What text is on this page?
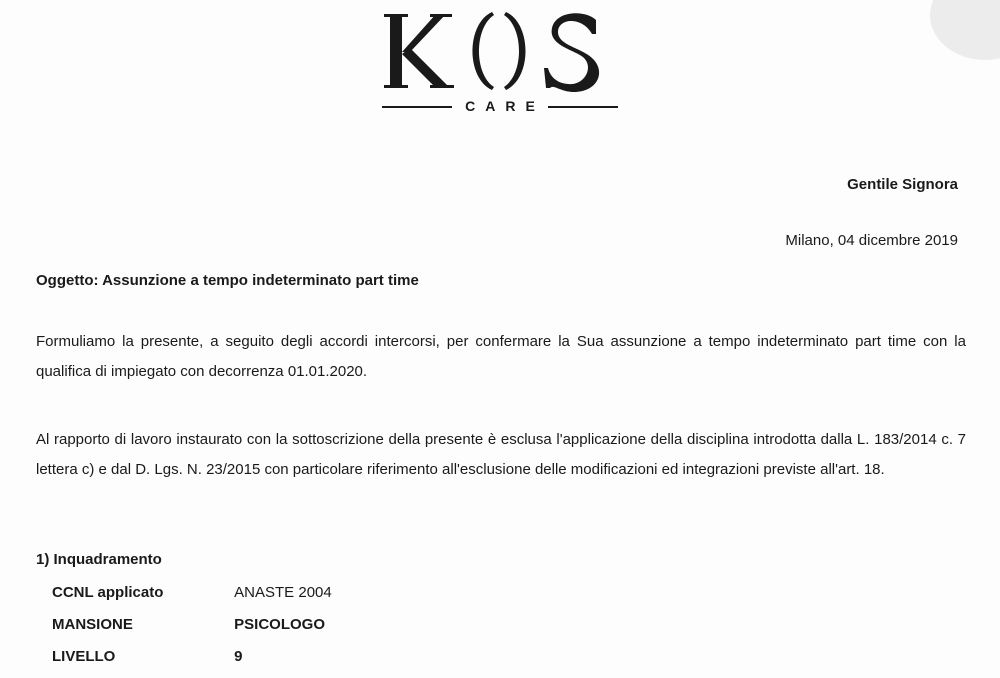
CARE
Gentile Signora
Milano, 04 dicembre 2019
Oggetto: Assunzione a tempo indeterminato part time
Formuliamo la presente, a seguito degli accordi intercorsi, per confermare la Sua assunzione a tempo indeterminato part time con la qualifica di impiegato con decorrenza 01.01.2020.
Al rapporto di lavoro instaurato con la sottoscrizione della presente è esclusa l'applicazione della disciplina introdotta dalla L. 183/2014 c. 7 lettera c) e dal D. Lgs. N. 23/2015 con particolare riferimento all'esclusione delle modificazioni ed integrazioni previste all'art. 18.
1) Inquadramento
CCNL applicato	ANASTE 2004
MANSIONE	PSICOLOGO
LIVELLO	9
